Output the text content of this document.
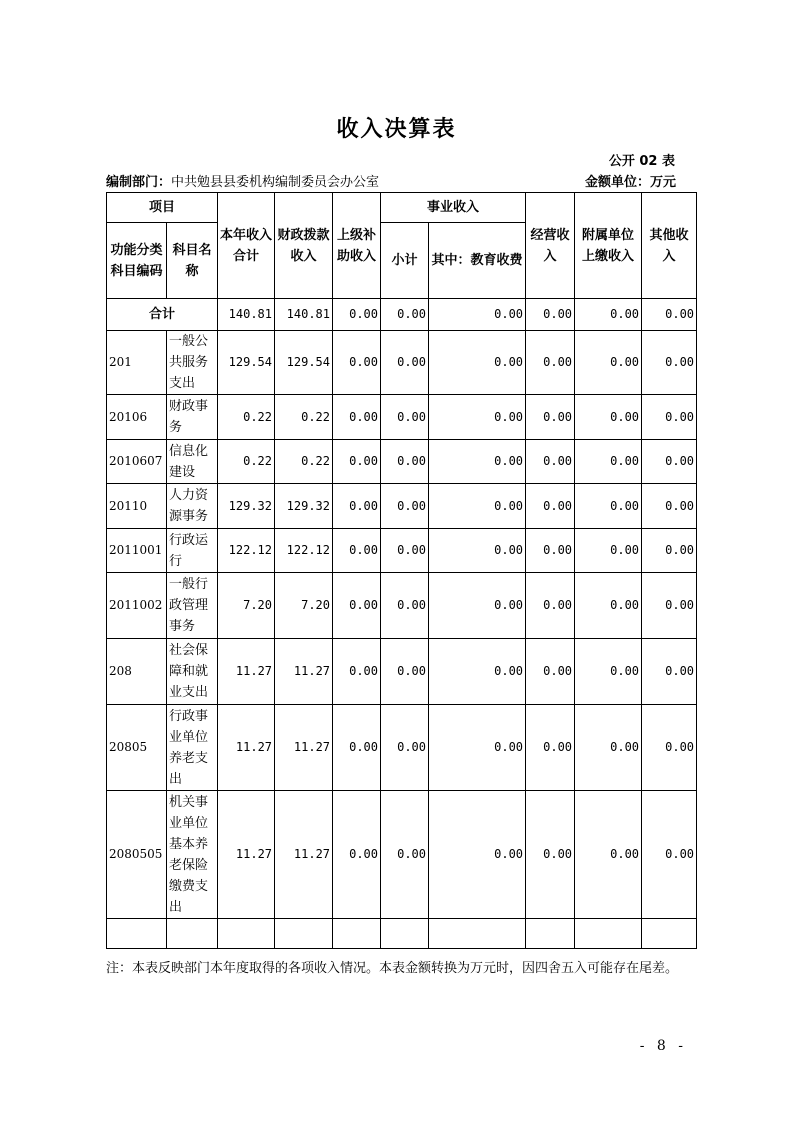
收入决算表
公开 02 表
编制部门：中共勉县县委机构编制委员会办公室	金额单位：万元
项目		本年收入合计	财政拨款收入	上级补助收入	事业收入		经营收入	附属单位上缴收入	其他收入
功能分类科目编码	科目名称				小计	其中：教育收费			
合计		140.81	140.81	0.00	0.00	0.00	0.00	0.00	0.00
201	一般公共服务支出	129.54	129.54	0.00	0.00	0.00	0.00	0.00	0.00
20106	财政事务	0.22	0.22	0.00	0.00	0.00	0.00	0.00	0.00
2010607	信息化建设	0.22	0.22	0.00	0.00	0.00	0.00	0.00	0.00
20110	人力资源事务	129.32	129.32	0.00	0.00	0.00	0.00	0.00	0.00
2011001	行政运行	122.12	122.12	0.00	0.00	0.00	0.00	0.00	0.00
2011002	一般行政管理事务	7.20	7.20	0.00	0.00	0.00	0.00	0.00	0.00
208	社会保障和就业支出	11.27	11.27	0.00	0.00	0.00	0.00	0.00	0.00
20805	行政事业单位养老支出	11.27	11.27	0.00	0.00	0.00	0.00	0.00	0.00
2080505	机关事业单位基本养老保险缴费支出	11.27	11.27	0.00	0.00	0.00	0.00	0.00	0.00

注：本表反映部门本年度取得的各项收入情况。本表金额转换为万元时，因四舍五入可能存在尾差。
- 8 -
